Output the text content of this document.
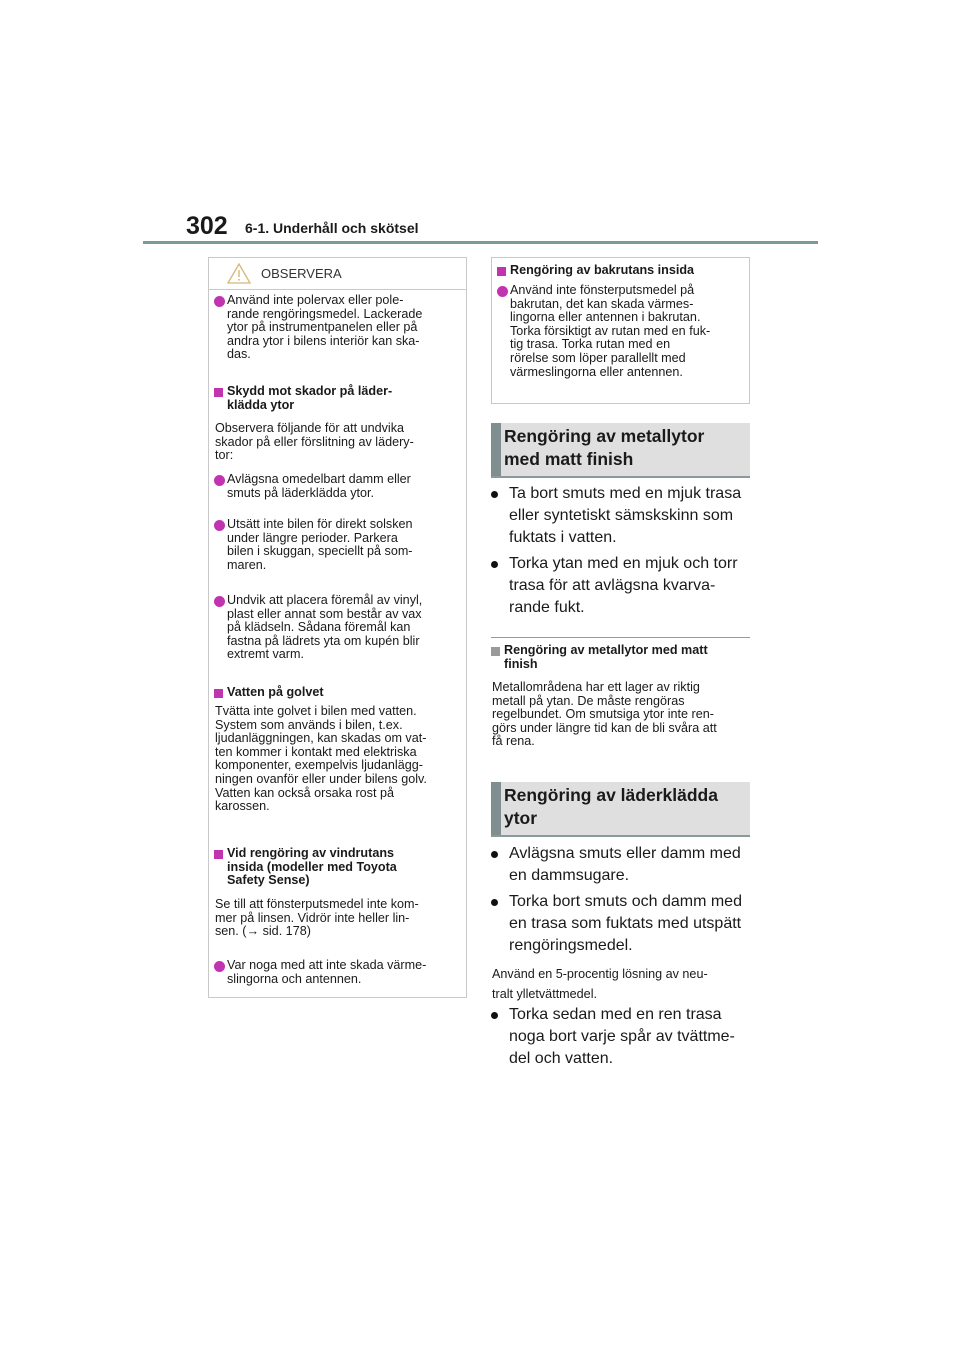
302 6-1. Underhåll och skötsel
OBSERVERA
Använd inte polervax eller pole-
rande rengöringsmedel. Lackerade
ytor på instrumentpanelen eller på
andra ytor i bilens interiör kan ska-
das.
Skydd mot skador på läder-
klädda ytor
Observera följande för att undvika
skador på eller förslitning av lädery-
tor:
Avlägsna omedelbart damm eller
smuts på läderklädda ytor.
Utsätt inte bilen för direkt solsken
under längre perioder. Parkera
bilen i skuggan, speciellt på som-
maren.
Undvik att placera föremål av vinyl,
plast eller annat som består av vax
på klädseln. Sådana föremål kan
fastna på lädrets yta om kupén blir
extremt varm.
Vatten på golvet
Tvätta inte golvet i bilen med vatten.
System som används i bilen, t.ex.
ljudanläggningen, kan skadas om vat-
ten kommer i kontakt med elektriska
komponenter, exempelvis ljudanlägg-
ningen ovanför eller under bilens golv.
Vatten kan också orsaka rost på
karossen.
Vid rengöring av vindrutans
insida (modeller med Toyota
Safety Sense)
Se till att fönsterputsmedel inte kom-
mer på linsen. Vidrör inte heller lin-
sen. (→ sid. 178)
Var noga med att inte skada värme-
slingorna och antennen.
Rengöring av bakrutans insida
Använd inte fönsterputsmedel på
bakrutan, det kan skada värmes-
lingorna eller antennen i bakrutan.
Torka försiktigt av rutan med en fuk-
tig trasa. Torka rutan med en
rörelse som löper parallellt med
värmeslingorna eller antennen.
Rengöring av metallytor
med matt finish
Ta bort smuts med en mjuk trasa
eller syntetiskt sämskskinn som
fuktats i vatten.
Torka ytan med en mjuk och torr
trasa för att avlägsna kvarva-
rande fukt.
Rengöring av metallytor med matt
finish
Metallområdena har ett lager av riktig
metall på ytan. De måste rengöras
regelbundet. Om smutsiga ytor inte ren-
görs under längre tid kan de bli svåra att
få rena.
Rengöring av läderklädda
ytor
Avlägsna smuts eller damm med
en dammsugare.
Torka bort smuts och damm med
en trasa som fuktats med utspätt
rengöringsmedel.
Använd en 5-procentig lösning av neu-
tralt ylletvättmedel.
Torka sedan med en ren trasa
noga bort varje spår av tvättme-
del och vatten.
